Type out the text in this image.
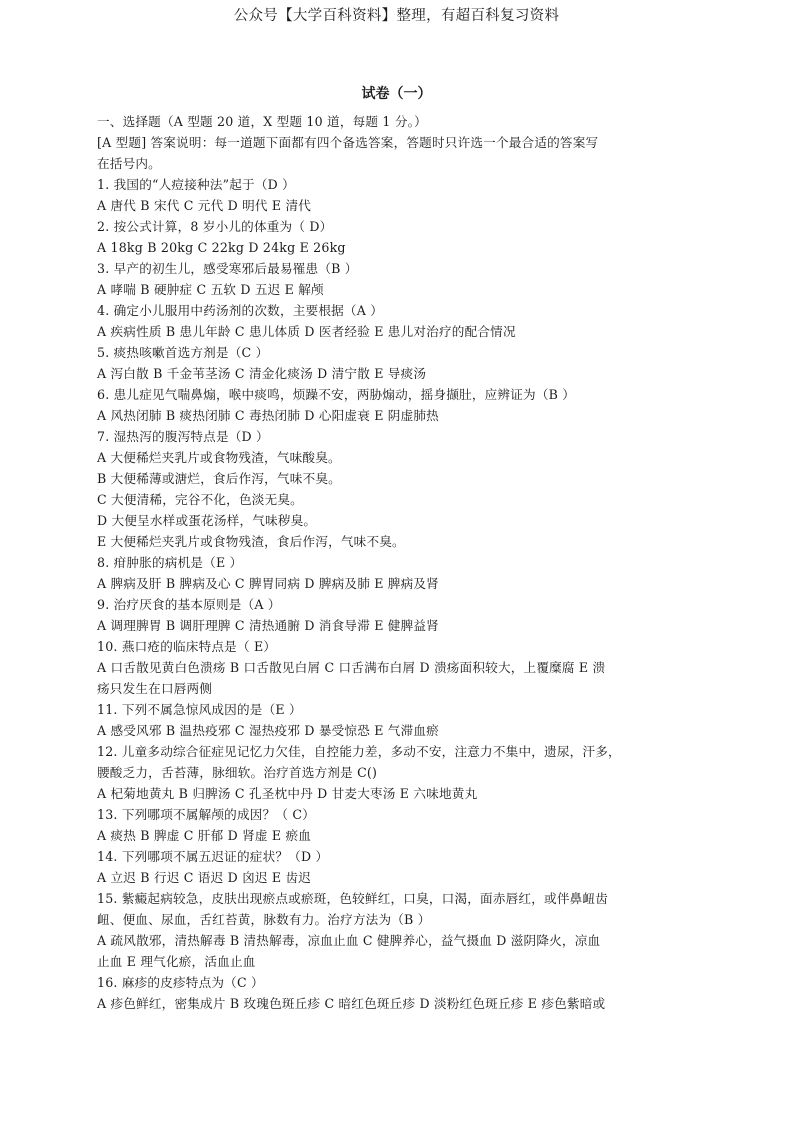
公众号【大学百科资料】整理，有超百科复习资料
试卷（一）
一、选择题（A 型题 20 道，X 型题 10 道，每题 1 分。）
[A 型题] 答案说明：每一道题下面都有四个备选答案，答题时只许选一个最合适的答案写
在括号内。
1. 我国的“人痘接种法”起于（D ）
A 唐代 B 宋代 C 元代 D 明代 E 清代
2. 按公式计算，8 岁小儿的体重为（ D）
A 18kg B 20kg C 22kg D 24kg E 26kg
3. 早产的初生儿，感受寒邪后最易罹患（B ）
A 哮喘 B 硬肿症 C 五软 D 五迟 E 解颅
4. 确定小儿服用中药汤剂的次数，主要根据（A ）
A 疾病性质 B 患儿年龄 C 患儿体质 D 医者经验 E 患儿对治疗的配合情况
5. 痰热咳嗽首选方剂是（C ）
A 泻白散 B 千金苇茎汤 C 清金化痰汤 D 清宁散 E 导痰汤
6. 患儿症见气喘鼻煽，喉中痰鸣，烦躁不安，两胁煽动，摇身撷肚，应辨证为（B ）
A 风热闭肺 B 痰热闭肺 C 毒热闭肺 D 心阳虚衰 E 阴虚肺热
7. 湿热泻的腹泻特点是（D ）
A 大便稀烂夹乳片或食物残渣，气味酸臭。
B 大便稀薄或溏烂，食后作泻，气味不臭。
C 大便清稀，完谷不化，色淡无臭。
D 大便呈水样或蛋花汤样，气味秽臭。
E 大便稀烂夹乳片或食物残渣，食后作泻，气味不臭。
8. 疳肿胀的病机是（E ）
A 脾病及肝 B 脾病及心 C 脾胃同病 D 脾病及肺 E 脾病及肾
9. 治疗厌食的基本原则是（A ）
A 调理脾胃 B 调肝理脾 C 清热通腑 D 消食导滞 E 健脾益肾
10. 燕口疮的临床特点是（ E）
A 口舌散见黄白色溃疡 B 口舌散见白屑 C 口舌满布白屑 D 溃疡面积较大，上覆糜腐 E 溃
疡只发生在口唇两侧
11. 下列不属急惊风成因的是（E ）
A 感受风邪 B 温热疫邪 C 湿热疫邪 D 暴受惊恐 E 气滞血瘀
12. 儿童多动综合征症见记忆力欠佳，自控能力差，多动不安，注意力不集中，遗尿，汗多，
腰酸乏力，舌苔薄，脉细软。治疗首选方剂是 C()
A 杞菊地黄丸 B 归脾汤 C 孔圣枕中丹 D 甘麦大枣汤 E 六味地黄丸
13. 下列哪项不属解颅的成因？（ C）
A 痰热 B 脾虚 C 肝郁 D 肾虚 E 瘀血
14. 下列哪项不属五迟证的症状？（D ）
A 立迟 B 行迟 C 语迟 D 囟迟 E 齿迟
15. 紫癜起病较急，皮肤出现瘀点或瘀斑，色较鲜红，口臭，口渴，面赤唇红，或伴鼻衄齿
衄、便血、尿血，舌红苔黄，脉数有力。治疗方法为（B ）
A 疏风散邪，清热解毒 B 清热解毒，凉血止血 C 健脾养心，益气摄血 D 滋阴降火，凉血
止血 E 理气化瘀，活血止血
16. 麻疹的皮疹特点为（C ）
A 疹色鲜红，密集成片 B 玫瑰色斑丘疹 C 暗红色斑丘疹 D 淡粉红色斑丘疹 E 疹色紫暗或
